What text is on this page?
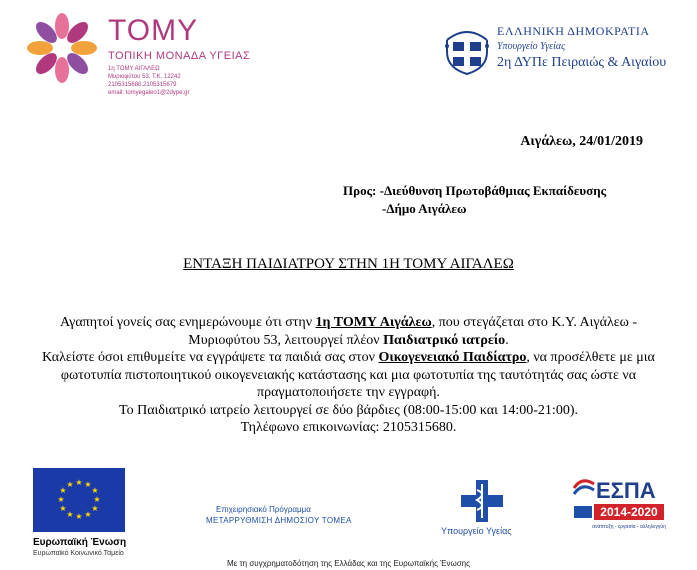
TOMY
ΤΟΠΙΚΗ ΜΟΝΑΔΑ ΥΓΕΙΑΣ
1η ΤΟΜΥ ΑΙΓΑΛΕΩ
Μυριοφύτου 53, Τ.Κ. 12242
2105315680,2105315679
email: tomyegaleo1@2dype.gr
ΕΛΛΗΝΙΚΗ ΔΗΜΟΚΡΑΤΙΑ
Υπουργείο Υγείας
2η ΔΥΠε Πειραιώς & Αιγαίου
Αιγάλεω, 24/01/2019
Προς: -Διεύθυνση Πρωτοβάθμιας Εκπαίδευσης
-Δήμο Αιγάλεω
ΕΝΤΑΞΗ ΠΑΙΔΙΑΤΡΟΥ ΣΤΗΝ 1Η ΤΟΜΥ ΑΙΓΑΛΕΩ
Αγαπητοί γονείς σας ενημερώνουμε ότι στην 1η ΤΟΜΥ Αιγάλεω, που στεγάζεται στο Κ.Υ. Αιγάλεω - Μυριοφύτου 53, λειτουργεί πλέον Παιδιατρικό ιατρείο.
Καλείστε όσοι επιθυμείτε να εγγράψετε τα παιδιά σας στον Οικογενειακό Παιδίατρο, να προσέλθετε με μια φωτοτυπία πιστοποιητικού οικογενειακής κατάστασης και μια φωτοτυπία της ταυτότητάς σας ώστε να πραγματοποιήσετε την εγγραφή.
Το Παιδιατρικό ιατρείο λειτουργεί σε δύο βάρδιες (08:00-15:00 και 14:00-21:00).
Τηλέφωνο επικοινωνίας: 2105315680.
★ ★
★
★
★
★
★
★
★
★
★
★
Ευρωπαϊκή Ένωση
Ευρωπαϊκό Κοινωνικό Ταμείο
Επιχειρησιακό Πρόγραμμα
ΜΕΤΑΡΡΥΘΜΙΣΗ ΔΗΜΟΣΙΟΥ ΤΟΜΕΑ
Υπουργείο Υγείας
ΕΣΠΑ
2014-2020
ανάπτυξη - εργασία - αλληλεγγύη
Με τη συγχρηματοδότηση της Ελλάδας και της Ευρωπαϊκής Ένωσης
